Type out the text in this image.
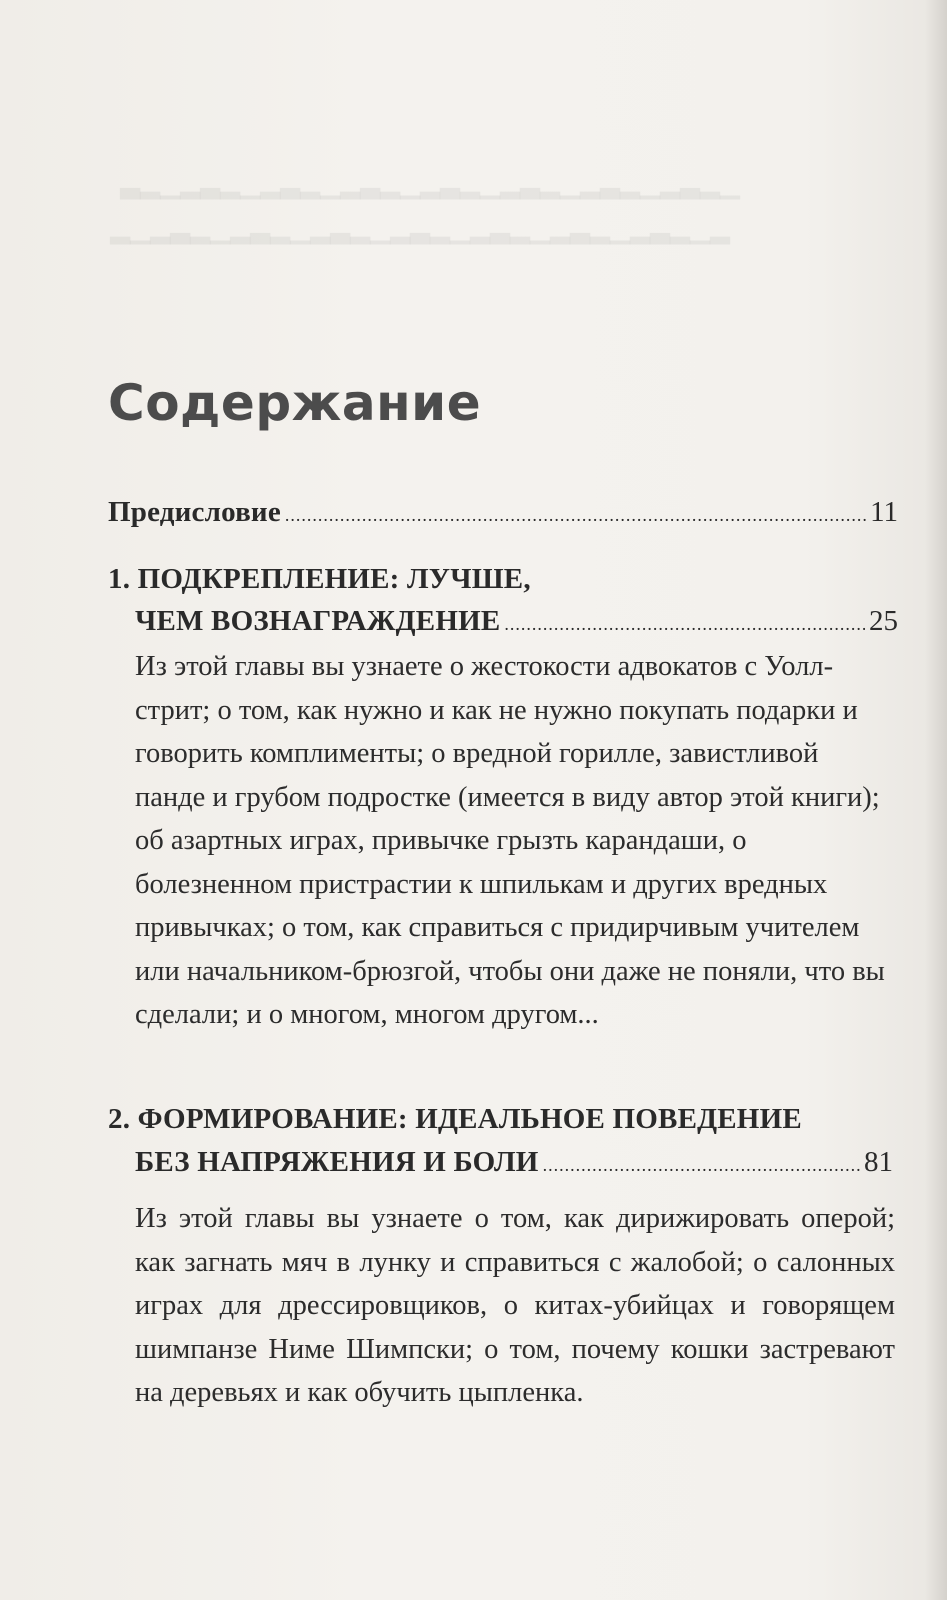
▁▂▃▂▁▂▃▂▁▂▃▂▁▂▃▂▁▂▃▂▁▂▃▂▁▂▃▂▁▂▃
▂▁▂▃▂▁▂▃▂▁▂▃▂▁▂▃▂▁▂▃▂▁▂▃▂▁▂▃▂▁▂
Содержание
Предисловие .....	11
1. ПОДКРЕПЛЕНИЕ: ЛУЧШЕ,
ЧЕМ ВОЗНАГРАЖДЕНИЕ .....	25

Из этой главы вы узнаете о жестокости адвокатов с Уолл-стрит; о том, как нужно и как не нужно покупать подарки и говорить комплименты; о вредной горилле, завистливой панде и грубом подростке (имеется в виду автор этой книги); об азартных играх, привычке грызть карандаши, о болезненном пристрастии к шпилькам и других вредных привычках; о том, как справиться с придирчивым учителем или начальником-брюзгой, чтобы они даже не поняли, что вы сделали; и о многом, многом другом...

2. ФОРМИРОВАНИЕ: ИДЕАЛЬНОЕ ПОВЕДЕНИЕ
БЕЗ НАПРЯЖЕНИЯ И БОЛИ .....	81

Из этой главы вы узнаете о том, как дирижировать оперой; как загнать мяч в лунку и справиться с жалобой; о салонных играх для дрессировщиков, о китах-убийцах и говорящем шимпанзе Ниме Шимпски; о том, почему кошки застревают на деревьях и как обучить цыпленка.
